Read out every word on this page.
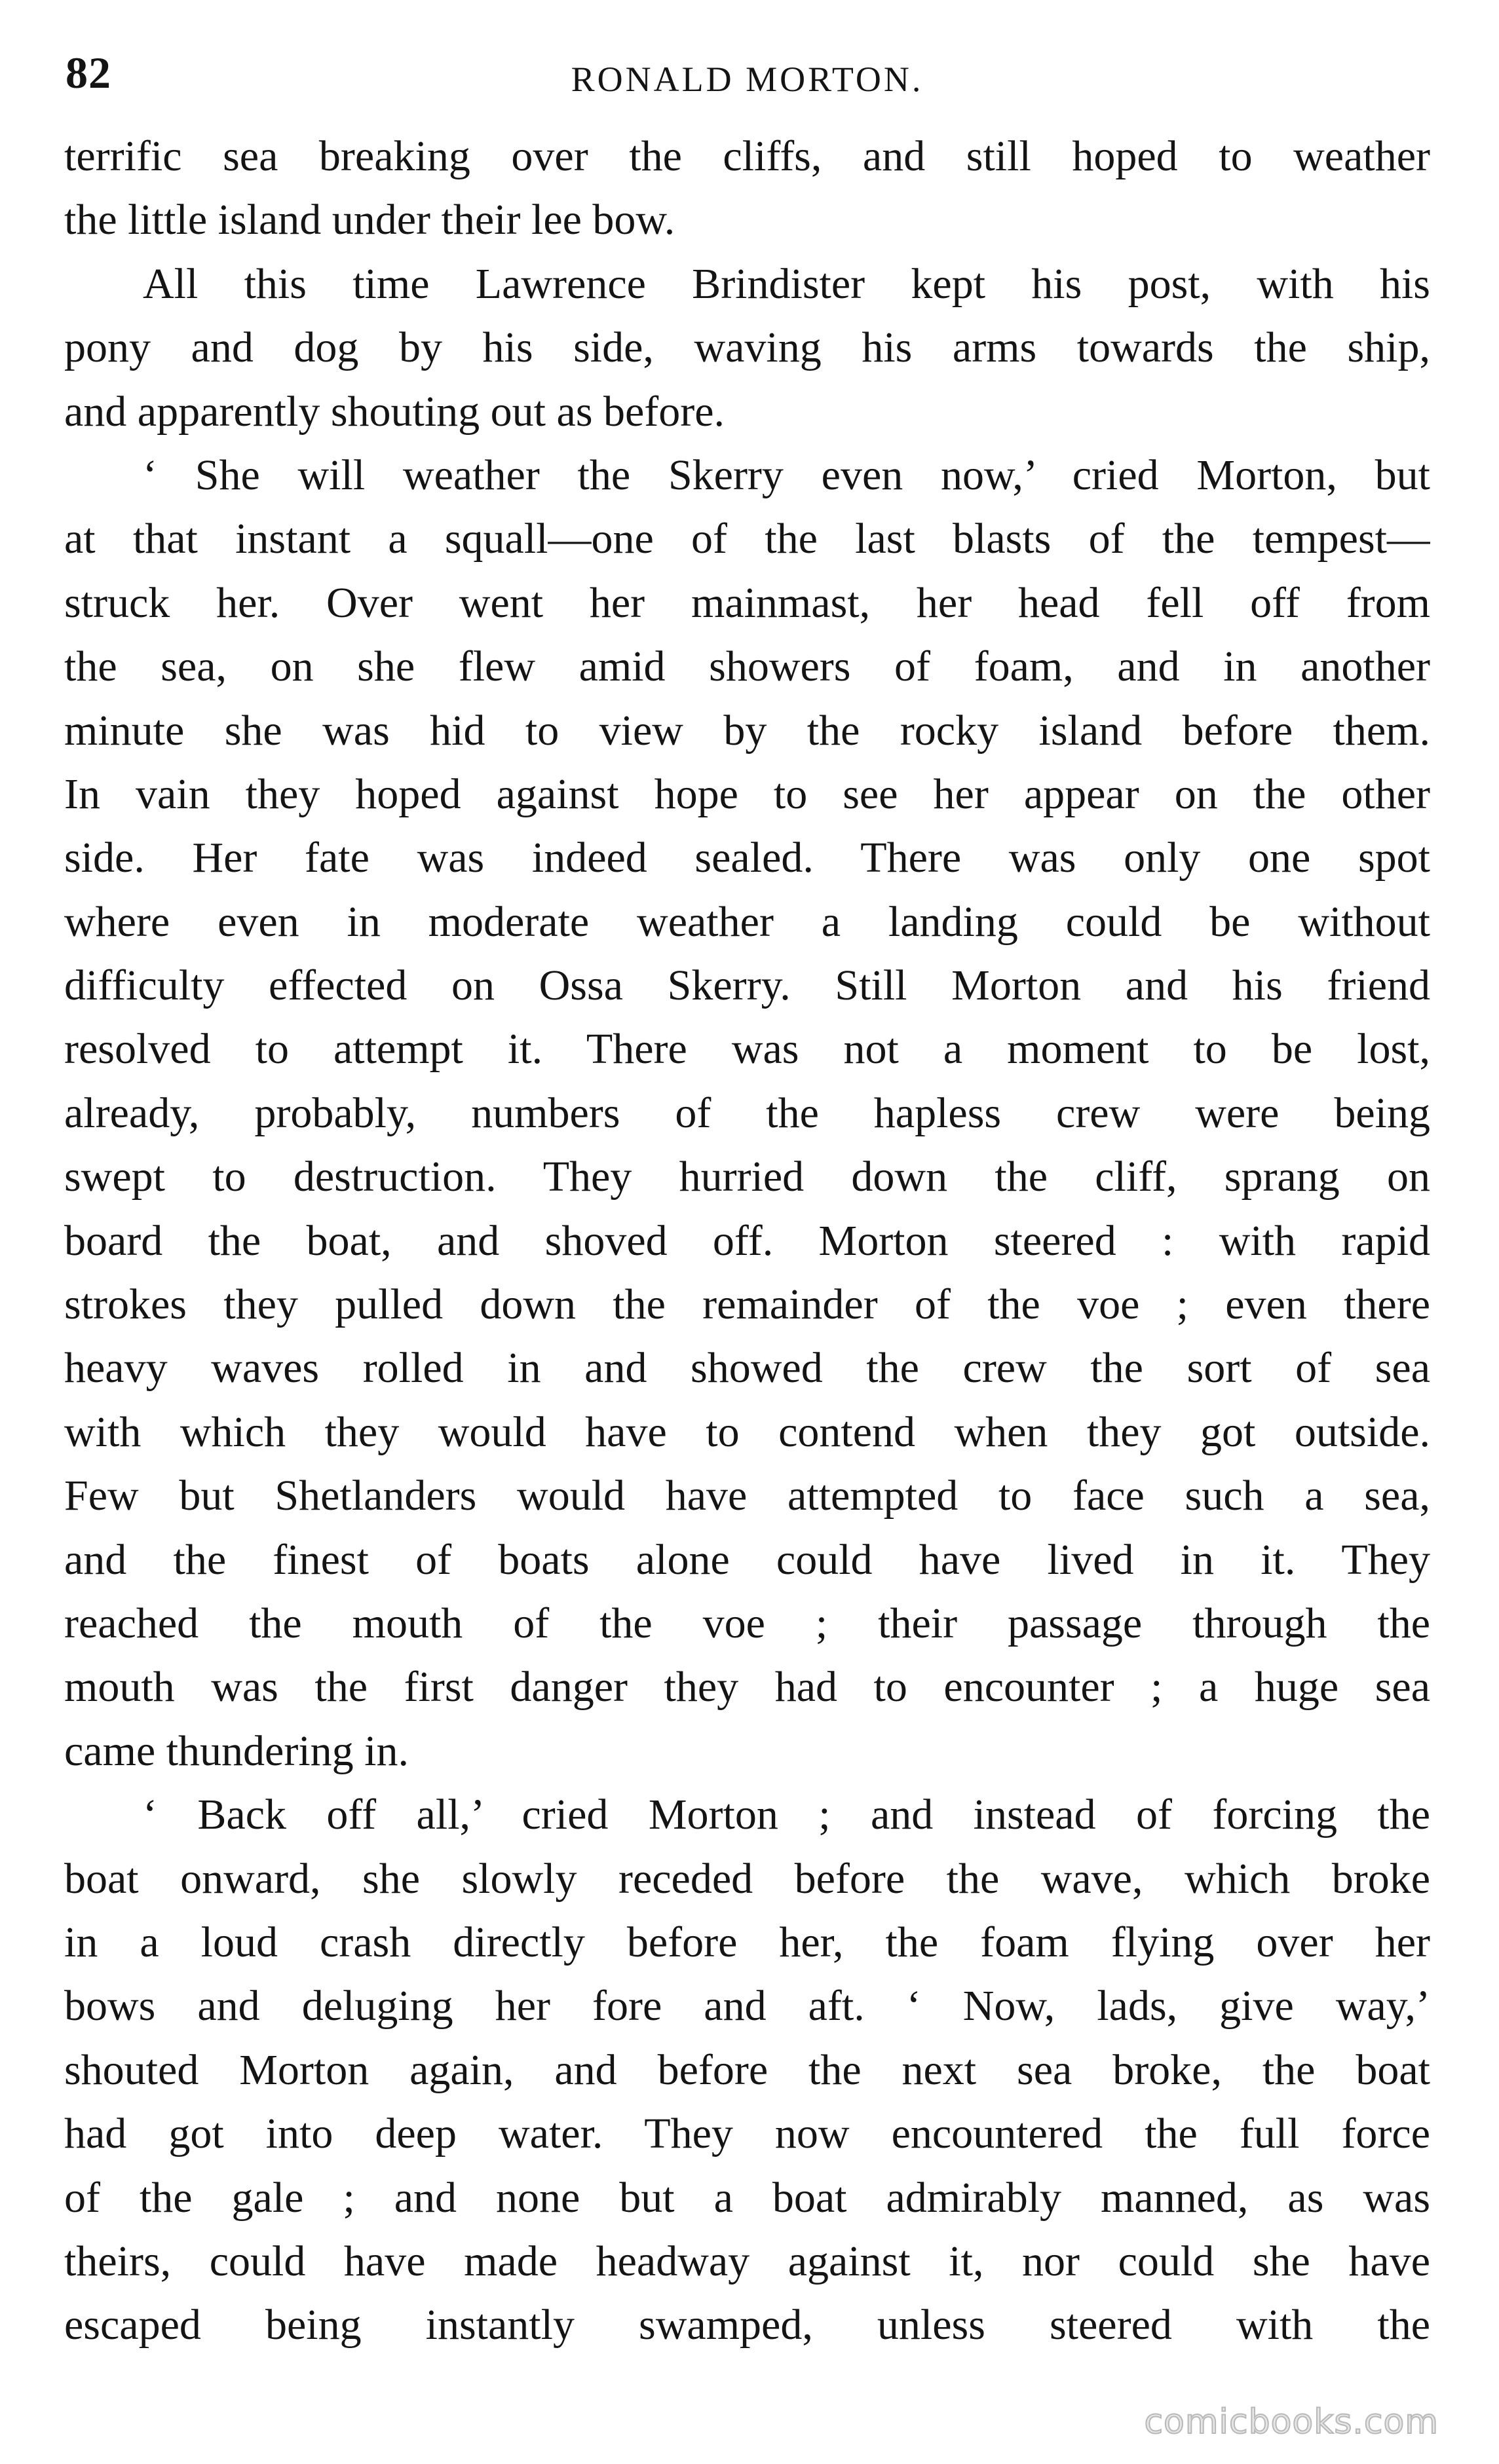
82	RONALD MORTON.
terrific sea breaking over the cliffs, and still hoped to weather
the little island under their lee bow.
All this time Lawrence Brindister kept his post, with his
pony and dog by his side, waving his arms towards the ship,
and apparently shouting out as before.
‘ She will weather the Skerry even now,’ cried Morton, but
at that instant a squall—one of the last blasts of the tempest—
struck her. Over went her mainmast, her head fell off from
the sea, on she flew amid showers of foam, and in another
minute she was hid to view by the rocky island before them.
In vain they hoped against hope to see her appear on the other
side. Her fate was indeed sealed. There was only one spot
where even in moderate weather a landing could be without
difficulty effected on Ossa Skerry. Still Morton and his friend
resolved to attempt it. There was not a moment to be lost,
already, probably, numbers of the hapless crew were being
swept to destruction. They hurried down the cliff, sprang on
board the boat, and shoved off. Morton steered : with rapid
strokes they pulled down the remainder of the voe ; even there
heavy waves rolled in and showed the crew the sort of sea
with which they would have to contend when they got outside.
Few but Shetlanders would have attempted to face such a sea,
and the finest of boats alone could have lived in it. They
reached the mouth of the voe ; their passage through the
mouth was the first danger they had to encounter ; a huge sea
came thundering in.
‘ Back off all,’ cried Morton ; and instead of forcing the
boat onward, she slowly receded before the wave, which broke
in a loud crash directly before her, the foam flying over her
bows and deluging her fore and aft. ‘ Now, lads, give way,’
shouted Morton again, and before the next sea broke, the boat
had got into deep water. They now encountered the full force
of the gale ; and none but a boat admirably manned, as was
theirs, could have made headway against it, nor could she have
escaped being instantly swamped, unless steered with the
comicbooks.com
